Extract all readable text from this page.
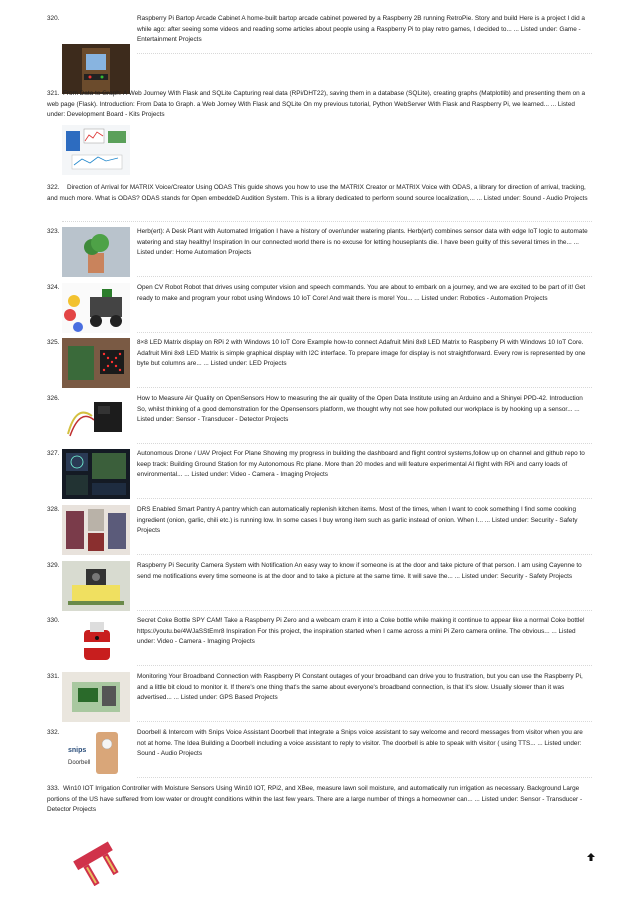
320.	Raspberry Pi Bartop Arcade Cabinet A home-built bartop arcade cabinet powered by a Raspberry 2B running RetroPie. Story and build Here is a project I did a while ago: after seeing some videos and reading some articles about people using a Raspberry Pi to play retro games, I decided to... ... Listed under: Game - Entertainment Projects
321. From Data to Graph: A Web Journey With Flask and SQLite Capturing real data (RPi/DHT22), saving them in a database (SQLite), creating graphs (Matplotlib) and presenting them on a web page (Flask). Introduction: From Data to Graph. a Web Jorney With Flask and SQLite On my previous tutorial, Python WebServer With Flask and Raspberry Pi, we learned... ... Listed under: Development Board - Kits Projects
322.	Direction of Arrival for MATRIX Voice/Creator Using ODAS This guide shows you how to use the MATRIX Creator or MATRIX Voice with ODAS, a library for direction of arrival, tracking, and much more. What is ODAS? ODAS stands for Open embeddeD Audition System. This is a library dedicated to perform sound source localization,... ... Listed under: Sound - Audio Projects
323.	Herb(ert): A Desk Plant with Automated Irrigation I have a history of over/under watering plants. Herb(ert) combines sensor data with edge IoT logic to automate watering and stay healthy! Inspiration In our connected world there is no excuse for letting houseplants die. I have been guilty of this several times in the... ... Listed under: Home Automation Projects
324.	Open CV Robot Robot that drives using computer vision and speech commands. You are about to embark on a journey, and we are excited to be part of it! Get ready to make and program your robot using Windows 10 IoT Core! And wait there is more! You... ... Listed under: Robotics - Automation Projects
325.	8×8 LED Matrix display on RPi 2 with Windows 10 IoT Core Example how-to connect Adafruit Mini 8x8 LED Matrix to Raspberry Pi with Windows 10 IoT Core. Adafruit Mini 8x8 LED Matrix is simple graphical display with I2C interface. To prepare image for display is not straightforward. Every row is represented by one byte but columns are... ... Listed under: LED Projects
326.	How to Measure Air Quality on OpenSensors How to measuring the air quality of the Open Data Institute using an Arduino and a Shinyei PPD-42. Introduction So, whilst thinking of a good demonstration for the Opensensors platform, we thought why not see how polluted our workplace is by hooking up a sensor... ... Listed under: Sensor - Transducer - Detector Projects
327.	Autonomous Drone / UAV Project For Plane Showing my progress in building the dashboard and flight control systems,follow up on channel and github repo to keep track: Building Ground Station for my Autonomous Rc plane. More than 20 modes and will feature experimental AI flight with RPi and carry loads of environmental... ... Listed under: Video - Camera - Imaging Projects
328.	DRS Enabled Smart Pantry A pantry which can automatically replenish kitchen items. Most of the times, when I want to cook something I find some cooking ingredient (onion, garlic, chili etc.) is running low. In some cases I buy wrong item such as garlic instead of onion. When I... ... Listed under: Security - Safety Projects
329.	Raspberry Pi Security Camera System with Notification An easy way to know if someone is at the door and take picture of that person. I am using Cayenne to send me notifications every time someone is at the door and to take a picture at the same time. It will save the... ... Listed under: Security - Safety Projects
330.	Secret Coke Bottle SPY CAM! Take a Raspberry Pi Zero and a webcam cram it into a Coke bottle while making it continue to appear like a normal Coke bottle! https://youtu.be/4WJaSStEmr8 Inspiration For this project, the inspiration started when I came across a mini Pi Zero camera online. The obvious... ... Listed under: Video - Camera - Imaging Projects
331.	Monitoring Your Broadband Connection with Raspberry Pi Constant outages of your broadband can drive you to frustration, but you can use the Raspberry Pi, and a little bit cloud to monitor it. If there's one thing that's the same about everyone's broadband connection, is that it's slow. Usually slower than it was advertised... ... Listed under: GPS Based Projects
332.	Doorbell & Intercom with Snips Voice Assistant Doorbell that integrate a Snips voice assistant to say welcome and record messages from visitor when you are not at home. The Idea Building a Doorbell including a voice assistant to reply to visitor. The doorbell is able to speak with visitor ( using TTS... ... Listed under: Sound - Audio Projects
snips
Doorbell
333. Win10 IOT Irrigation Controller with Moisture Sensors Using Win10 IOT, RPi2, and XBee, measure lawn soil moisture, and automatically run irrigation as necessary. Background Large portions of the US have suffered from low water or drought conditions within the last few years. There are a large number of things a homeowner can... ... Listed under: Sensor - Transducer - Detector Projects
